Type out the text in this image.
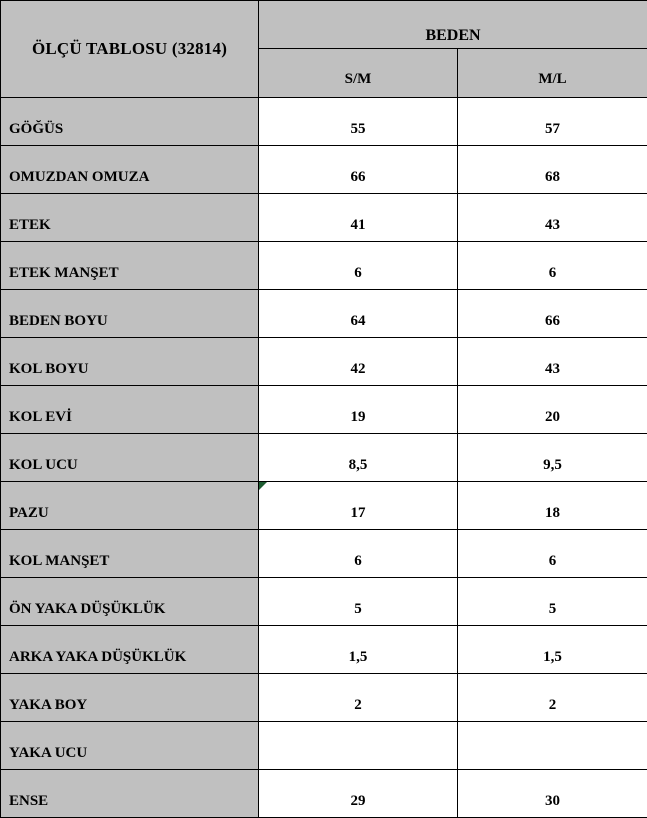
ÖLÇÜ TABLOSU (32814)	BEDEN	
	S/M	M/L
GÖĞÜS	55	57
OMUZDAN OMUZA	66	68
ETEK	41	43
ETEK MANŞET	6	6
BEDEN BOYU	64	66
KOL BOYU	42	43
KOL EVİ	19	20
KOL UCU	8,5	9,5
PAZU	17	18
KOL MANŞET	6	6
ÖN YAKA DÜŞÜKLÜK	5	5
ARKA YAKA DÜŞÜKLÜK	1,5	1,5
YAKA BOY	2	2
YAKA UCU		
ENSE	29	30
